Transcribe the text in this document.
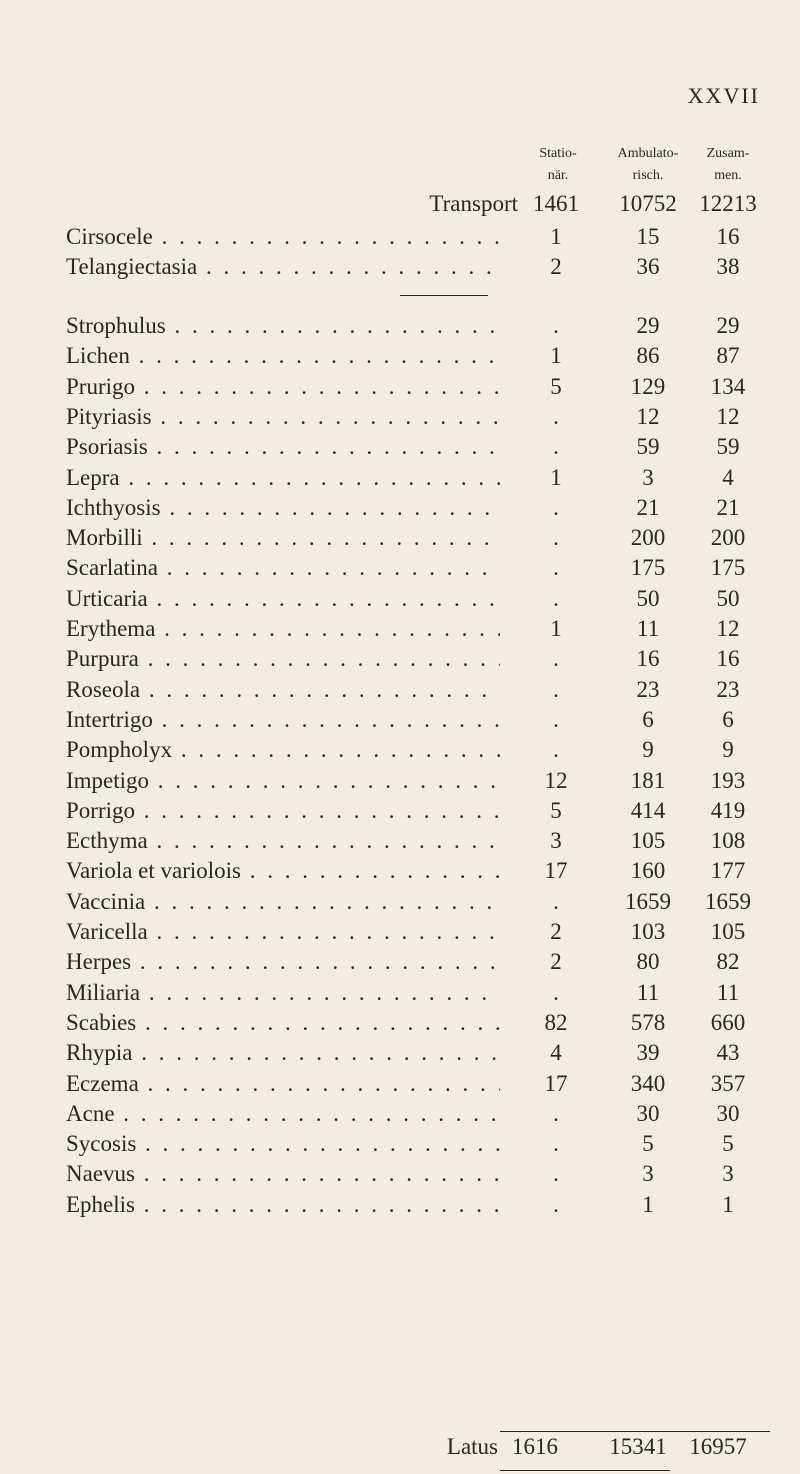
XXVII
Statio-
när.
Ambulato-
risch.
Zusam-
men.
Transport 1461	10752 12213
Cirsocele . . .	1	15	16
Telangiectasia . . .	2	36	38
Strophulus . . .	.	29	29
Lichen . . .	1	86	87
Prurigo . . .	5	129	134
Pityriasis . . .	.	12	12
Psoriasis . . .	.	59	59
Lepra . . .	1	3	4
Ichthyosis . . .	.	21	21
Morbilli . . .	.	200	200
Scarlatina . . .	.	175	175
Urticaria . . .	.	50	50
Erythema . . .	1	11	12
Purpura . . .	.	16	16
Roseola . . .	.	23	23
Intertrigo . . .	.	6	6
Pompholyx . . .	.	9	9
Impetigo . . .	12	181	193
Porrigo . . .	5	414	419
Ecthyma . . .	3	105	108
Variola et variolois . . .	17	160	177
Vaccinia . . .	.	1659	1659
Varicella . . .	2	103	105
Herpes . . .	2	80	82
Miliaria . . .	.	11	11
Scabies . . .	82	578	660
Rhypia . . .	4	39	43
Eczema . . .	17	340	357
Acne . . .	.	30	30
Sycosis . . .	.	5	5
Naevus . . .	.	3	3
Ephelis . . .	.	1	1
Latus 1616	15341 16957
